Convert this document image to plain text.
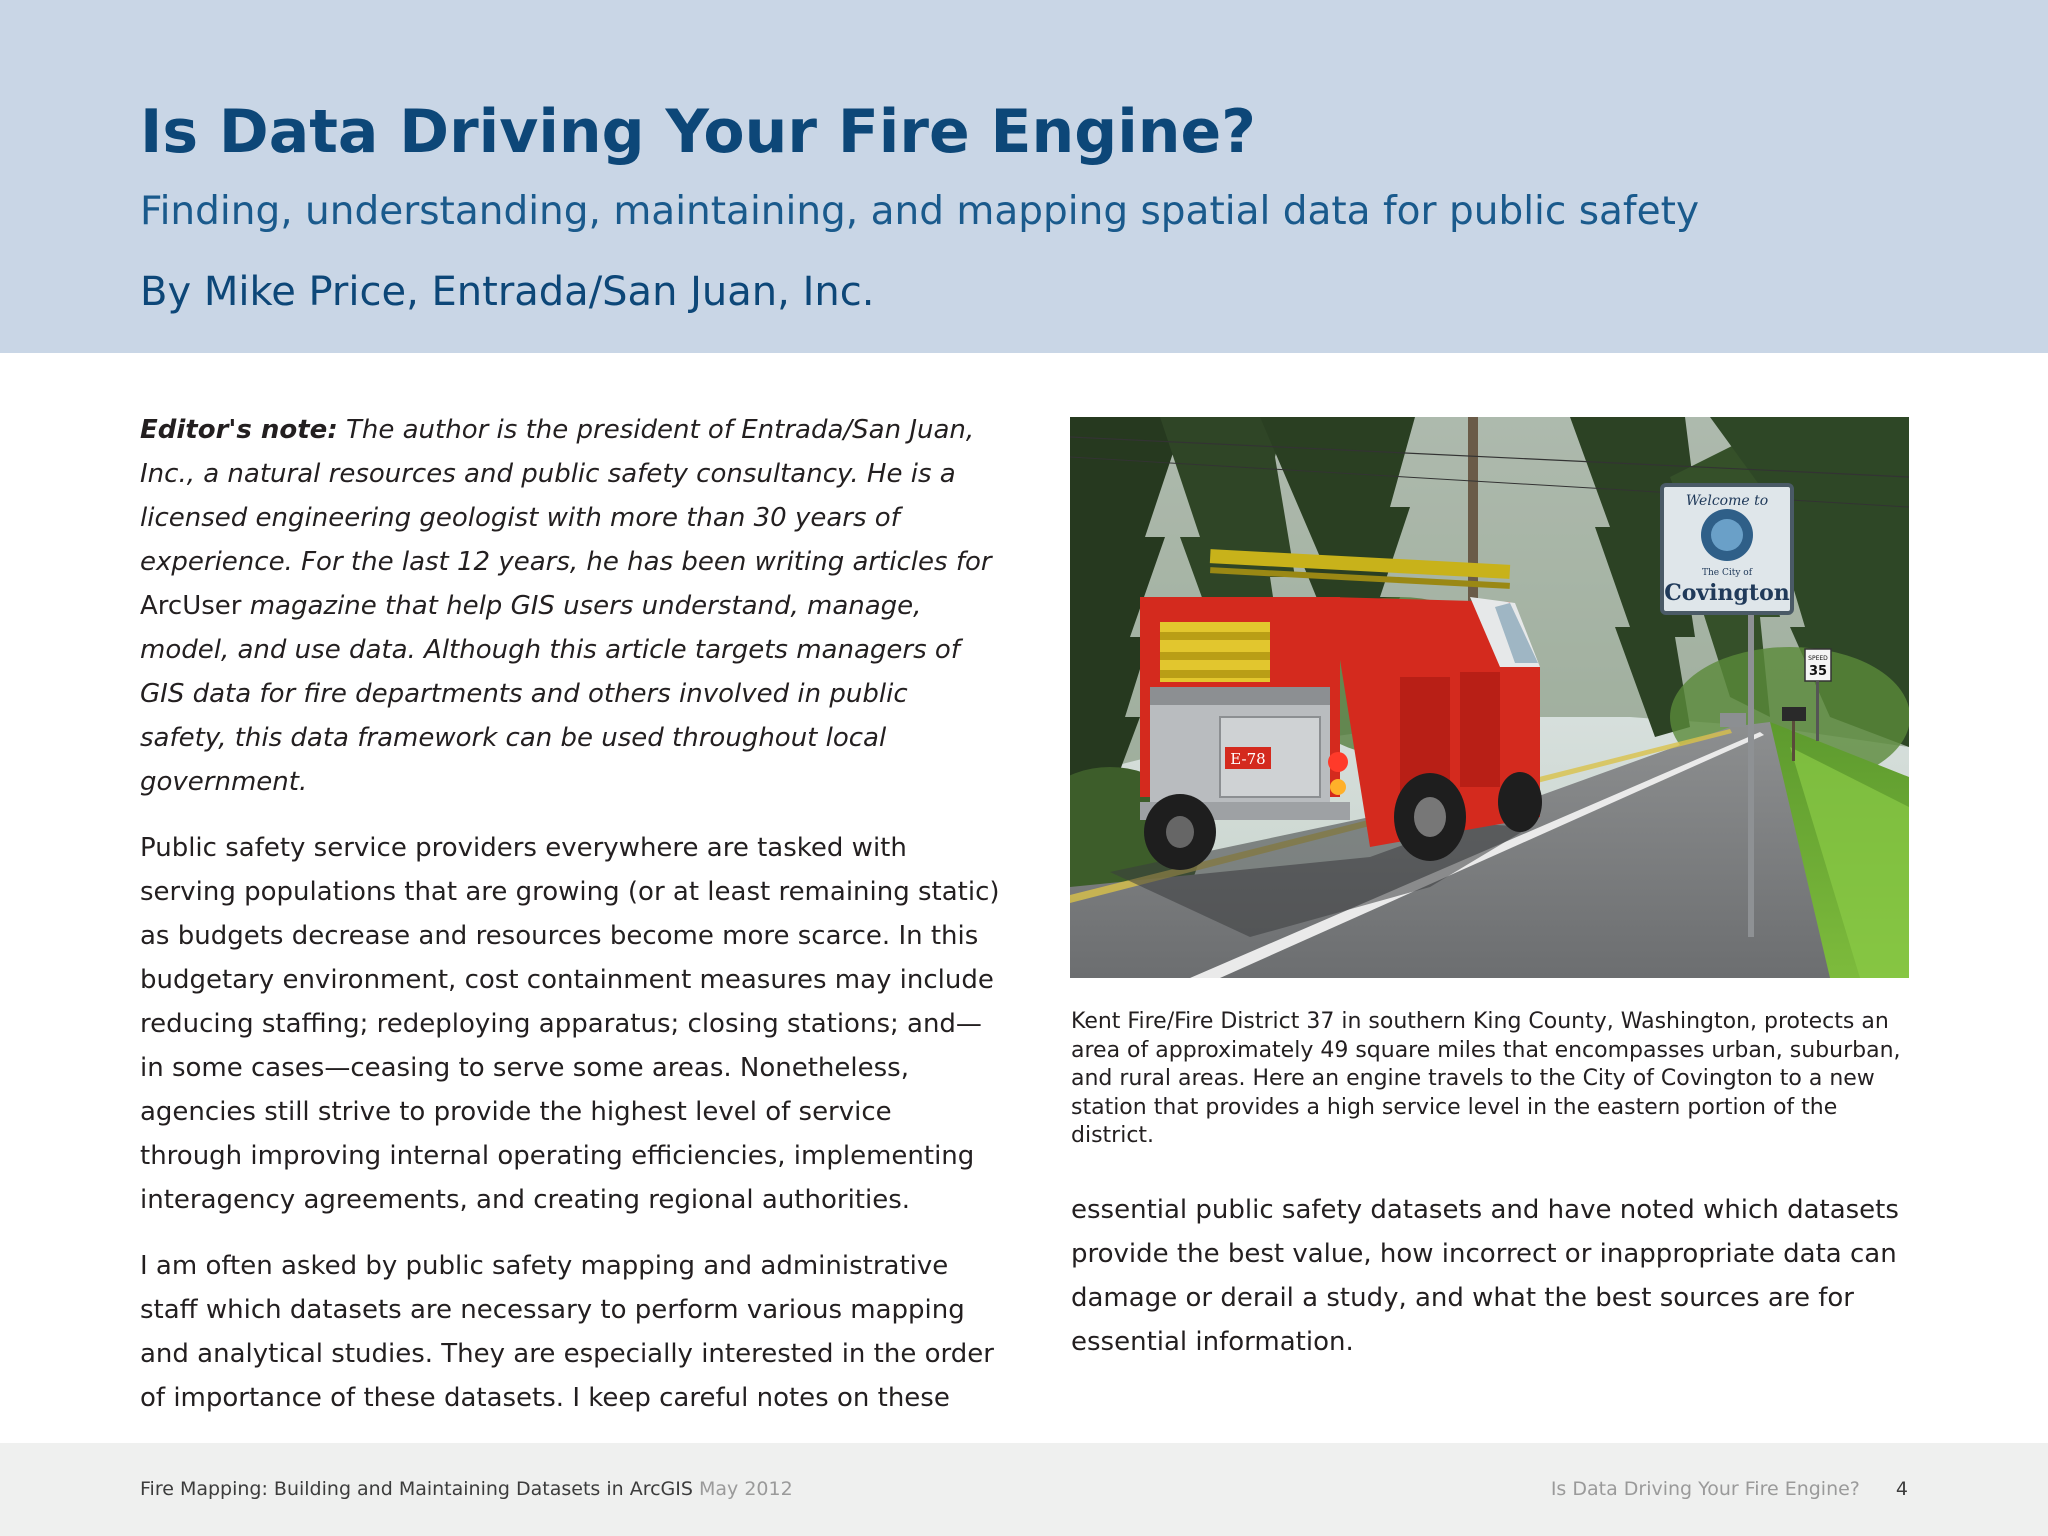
Is Data Driving Your Fire Engine?
Finding, understanding, maintaining, and mapping spatial data for public safety
By Mike Price, Entrada/San Juan, Inc.

Editor's note: The author is the president of Entrada/San Juan, Inc., a natural resources and public safety consultancy. He is a licensed engineering geologist with more than 30 years of experience. For the last 12 years, he has been writing articles for ArcUser magazine that help GIS users understand, manage, model, and use data. Although this article targets managers of GIS data for fire departments and others involved in public safety, this data framework can be used throughout local government.

Public safety service providers everywhere are tasked with serving populations that are growing (or at least remaining static) as budgets decrease and resources become more scarce. In this budgetary environment, cost containment measures may include reducing staffing; redeploying apparatus; closing stations; and—in some cases—ceasing to serve some areas. Nonetheless, agencies still strive to provide the highest level of service through improving internal operating efficiencies, implementing interagency agreements, and creating regional authorities.

I am often asked by public safety mapping and administrative staff which datasets are necessary to perform various mapping and analytical studies. They are especially interested in the order of importance of these datasets. I keep careful notes on these

E-78
Welcome to
The City of
Covington
SPEED
35

Kent Fire/Fire District 37 in southern King County, Washington, protects an area of approximately 49 square miles that encompasses urban, suburban, and rural areas. Here an engine travels to the City of Covington to a new station that provides a high service level in the eastern portion of the district.

essential public safety datasets and have noted which datasets provide the best value, how incorrect or inappropriate data can damage or derail a study, and what the best sources are for essential information.

Fire Mapping: Building and Maintaining Datasets in ArcGIS May 2012	Is Data Driving Your Fire Engine? 4
